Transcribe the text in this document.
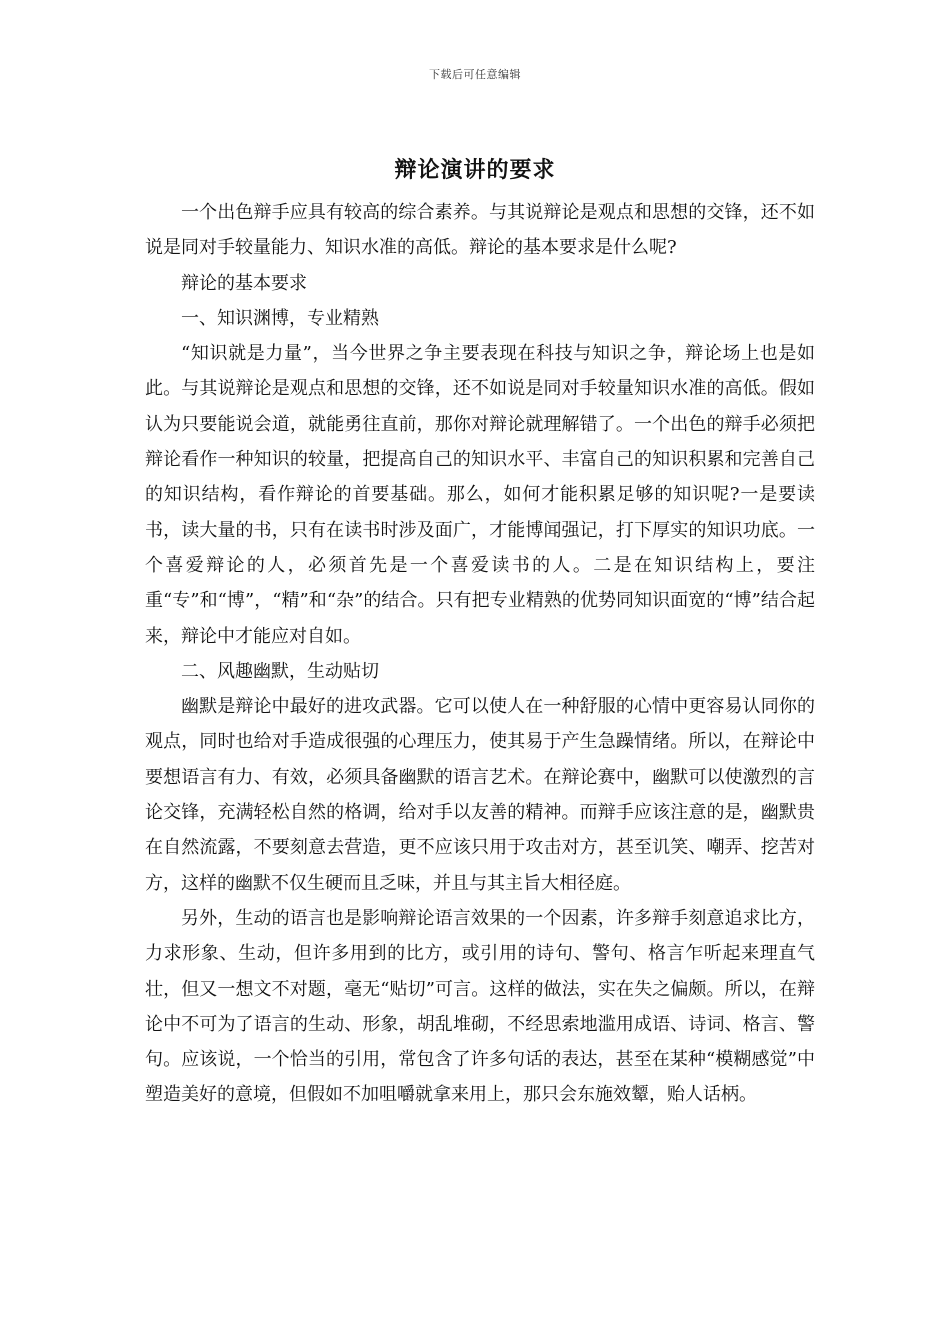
下载后可任意编辑
辩论演讲的要求

一个出色辩手应具有较高的综合素养。与其说辩论是观点和思想的交锋，还不如说是同对手较量能力、知识水准的高低。辩论的基本要求是什么呢?

辩论的基本要求

一、知识渊博，专业精熟

“知识就是力量”，当今世界之争主要表现在科技与知识之争，辩论场上也是如此。与其说辩论是观点和思想的交锋，还不如说是同对手较量知识水准的高低。假如认为只要能说会道，就能勇往直前，那你对辩论就理解错了。一个出色的辩手必须把辩论看作一种知识的较量，把提高自己的知识水平、丰富自己的知识积累和完善自己的知识结构，看作辩论的首要基础。那么，如何才能积累足够的知识呢?一是要读书，读大量的书，只有在读书时涉及面广，才能博闻强记，打下厚实的知识功底。一个喜爱辩论的人，必须首先是一个喜爱读书的人。二是在知识结构上，要注重“专”和“博”，“精”和“杂”的结合。只有把专业精熟的优势同知识面宽的“博”结合起来，辩论中才能应对自如。

二、风趣幽默，生动贴切

幽默是辩论中最好的进攻武器。它可以使人在一种舒服的心情中更容易认同你的观点，同时也给对手造成很强的心理压力，使其易于产生急躁情绪。所以，在辩论中要想语言有力、有效，必须具备幽默的语言艺术。在辩论赛中，幽默可以使激烈的言论交锋，充满轻松自然的格调，给对手以友善的精神。而辩手应该注意的是，幽默贵在自然流露，不要刻意去营造，更不应该只用于攻击对方，甚至讥笑、嘲弄、挖苦对方，这样的幽默不仅生硬而且乏味，并且与其主旨大相径庭。

另外，生动的语言也是影响辩论语言效果的一个因素，许多辩手刻意追求比方，力求形象、生动，但许多用到的比方，或引用的诗句、警句、格言乍听起来理直气壮，但又一想文不对题，毫无“贴切”可言。这样的做法，实在失之偏颇。所以，在辩论中不可为了语言的生动、形象，胡乱堆砌，不经思索地滥用成语、诗词、格言、警句。应该说，一个恰当的引用，常包含了许多句话的表达，甚至在某种“模糊感觉”中塑造美好的意境，但假如不加咀嚼就拿来用上，那只会东施效颦，贻人话柄。
